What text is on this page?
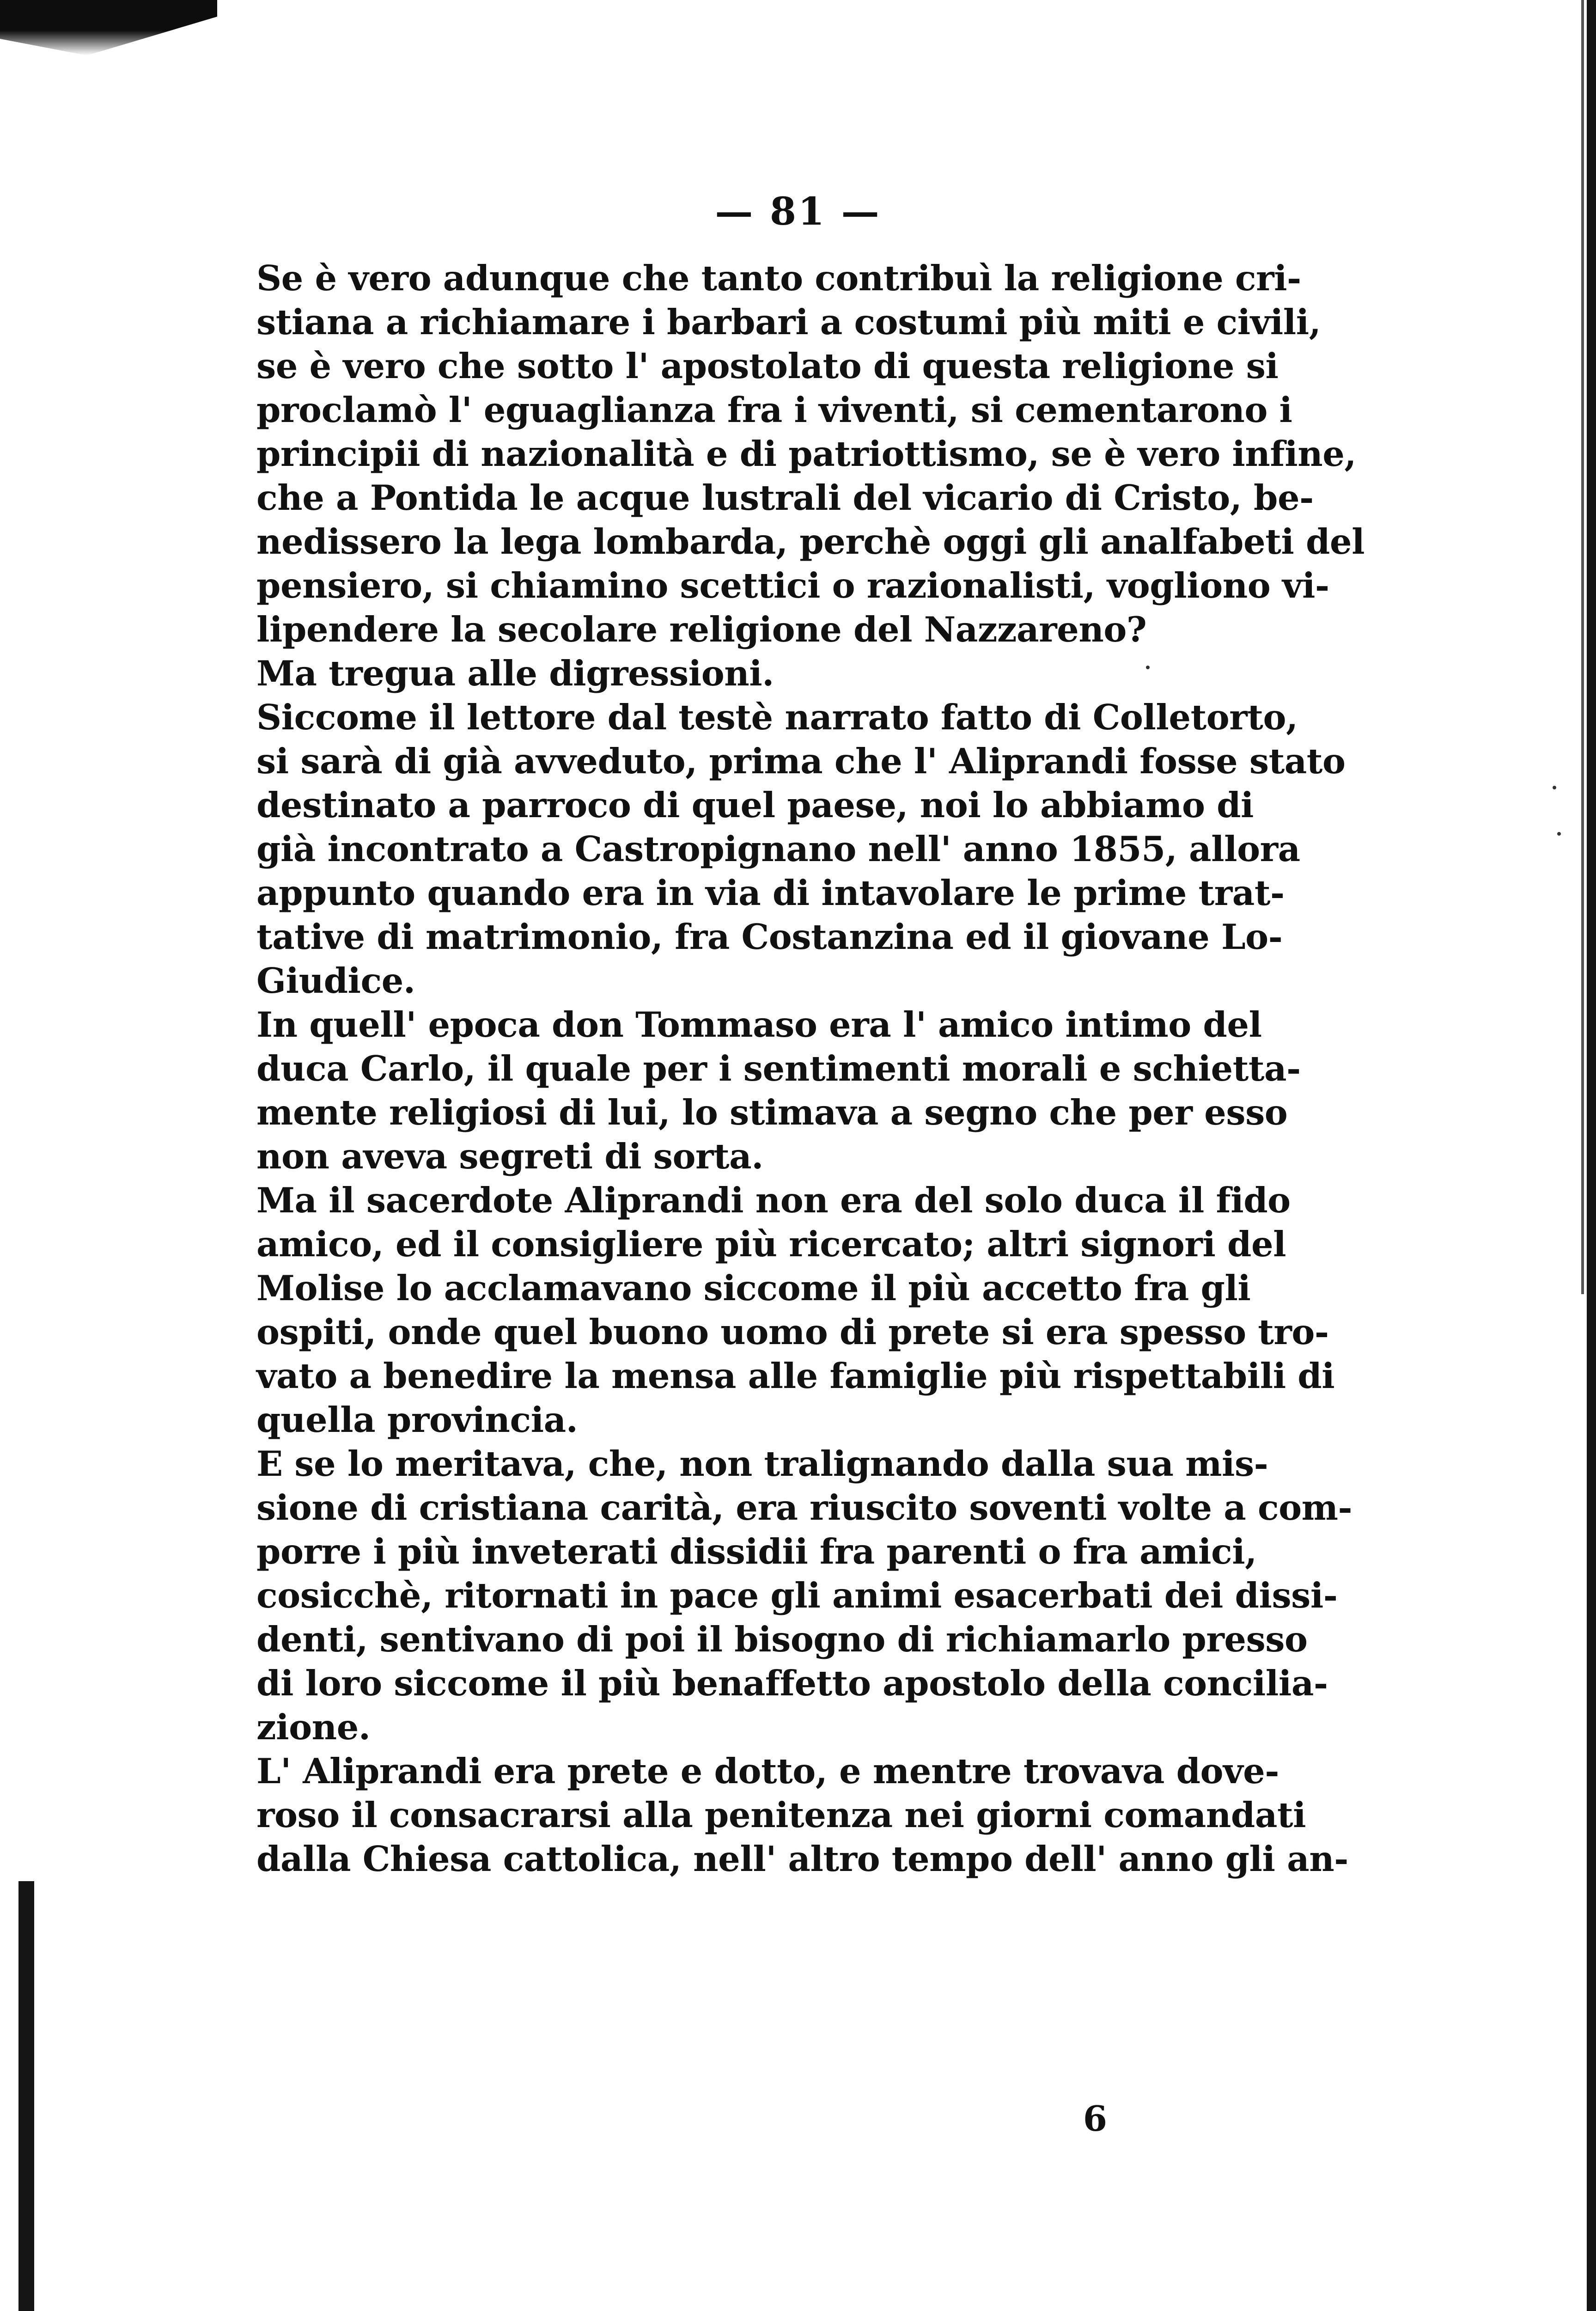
— 81 —
Se è vero adunque che tanto contribuì la religione cri-
stiana a richiamare i barbari a costumi più miti e civili,
se è vero che sotto l' apostolato di questa religione si
proclamò l' eguaglianza fra i viventi, si cementarono i
principii di nazionalità e di patriottismo, se è vero infine,
che a Pontida le acque lustrali del vicario di Cristo, be-
nedissero la lega lombarda, perchè oggi gli analfabeti del
pensiero, si chiamino scettici o razionalisti, vogliono vi-
lipendere la secolare religione del Nazzareno?
Ma tregua alle digressioni.
Siccome il lettore dal testè narrato fatto di Colletorto,
si sarà di già avveduto, prima che l' Aliprandi fosse stato
destinato a parroco di quel paese, noi lo abbiamo di
già incontrato a Castropignano nell' anno 1855, allora
appunto quando era in via di intavolare le prime trat-
tative di matrimonio, fra Costanzina ed il giovane Lo-
Giudice.
In quell' epoca don Tommaso era l' amico intimo del
duca Carlo, il quale per i sentimenti morali e schietta-
mente religiosi di lui, lo stimava a segno che per esso
non aveva segreti di sorta.
Ma il sacerdote Aliprandi non era del solo duca il fido
amico, ed il consigliere più ricercato; altri signori del
Molise lo acclamavano siccome il più accetto fra gli
ospiti, onde quel buono uomo di prete si era spesso tro-
vato a benedire la mensa alle famiglie più rispettabili di
quella provincia.
E se lo meritava, che, non tralignando dalla sua mis-
sione di cristiana carità, era riuscito soventi volte a com-
porre i più inveterati dissidii fra parenti o fra amici,
cosicchè, ritornati in pace gli animi esacerbati dei dissi-
denti, sentivano di poi il bisogno di richiamarlo presso
di loro siccome il più benaffetto apostolo della concilia-
zione.
L' Aliprandi era prete e dotto, e mentre trovava dove-
roso il consacrarsi alla penitenza nei giorni comandati
dalla Chiesa cattolica, nell' altro tempo dell' anno gli an-
6
